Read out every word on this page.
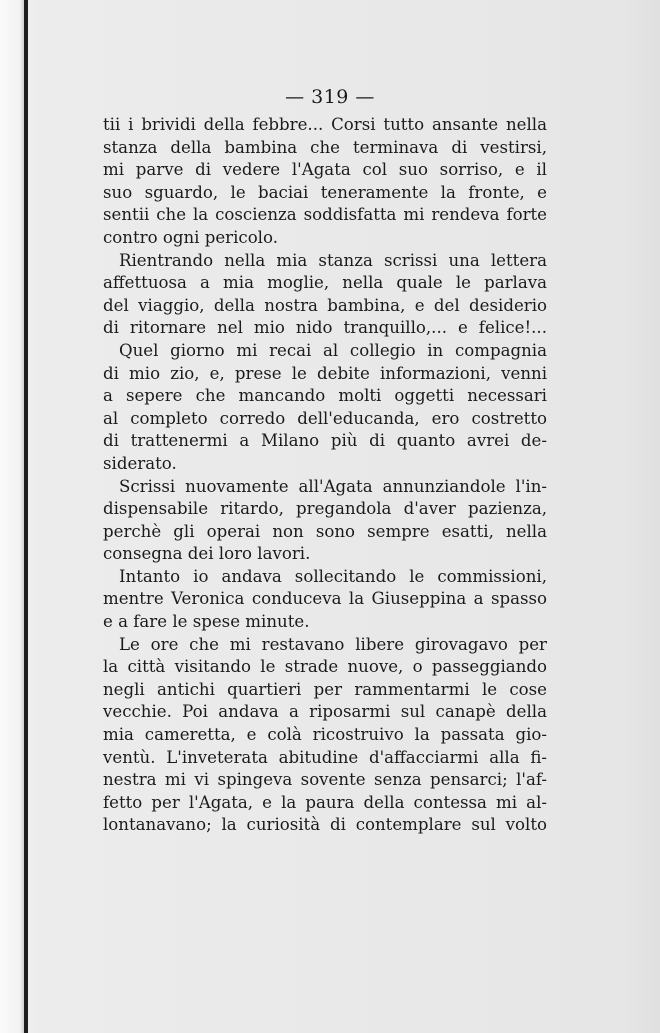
— 319 —
tii i brividi della febbre... Corsi tutto ansante nella
stanza della bambina che terminava di vestirsi,
mi parve di vedere l'Agata col suo sorriso, e il
suo sguardo, le baciai teneramente la fronte, e
sentii che la coscienza soddisfatta mi rendeva forte
contro ogni pericolo.
Rientrando nella mia stanza scrissi una lettera
affettuosa a mia moglie, nella quale le parlava
del viaggio, della nostra bambina, e del desiderio
di ritornare nel mio nido tranquillo,... e felice!...
Quel giorno mi recai al collegio in compagnia
di mio zio, e, prese le debite informazioni, venni
a sepere che mancando molti oggetti necessari
al completo corredo dell'educanda, ero costretto
di trattenermi a Milano più di quanto avrei de-
siderato.
Scrissi nuovamente all'Agata annunziandole l'in-
dispensabile ritardo, pregandola d'aver pazienza,
perchè gli operai non sono sempre esatti, nella
consegna dei loro lavori.
Intanto io andava sollecitando le commissioni,
mentre Veronica conduceva la Giuseppina a spasso
e a fare le spese minute.
Le ore che mi restavano libere girovagavo per
la città visitando le strade nuove, o passeggiando
negli antichi quartieri per rammentarmi le cose
vecchie. Poi andava a riposarmi sul canapè della
mia cameretta, e colà ricostruivo la passata gio-
ventù. L'inveterata abitudine d'affacciarmi alla fi-
nestra mi vi spingeva sovente senza pensarci; l'af-
fetto per l'Agata, e la paura della contessa mi al-
lontanavano; la curiosità di contemplare sul volto
